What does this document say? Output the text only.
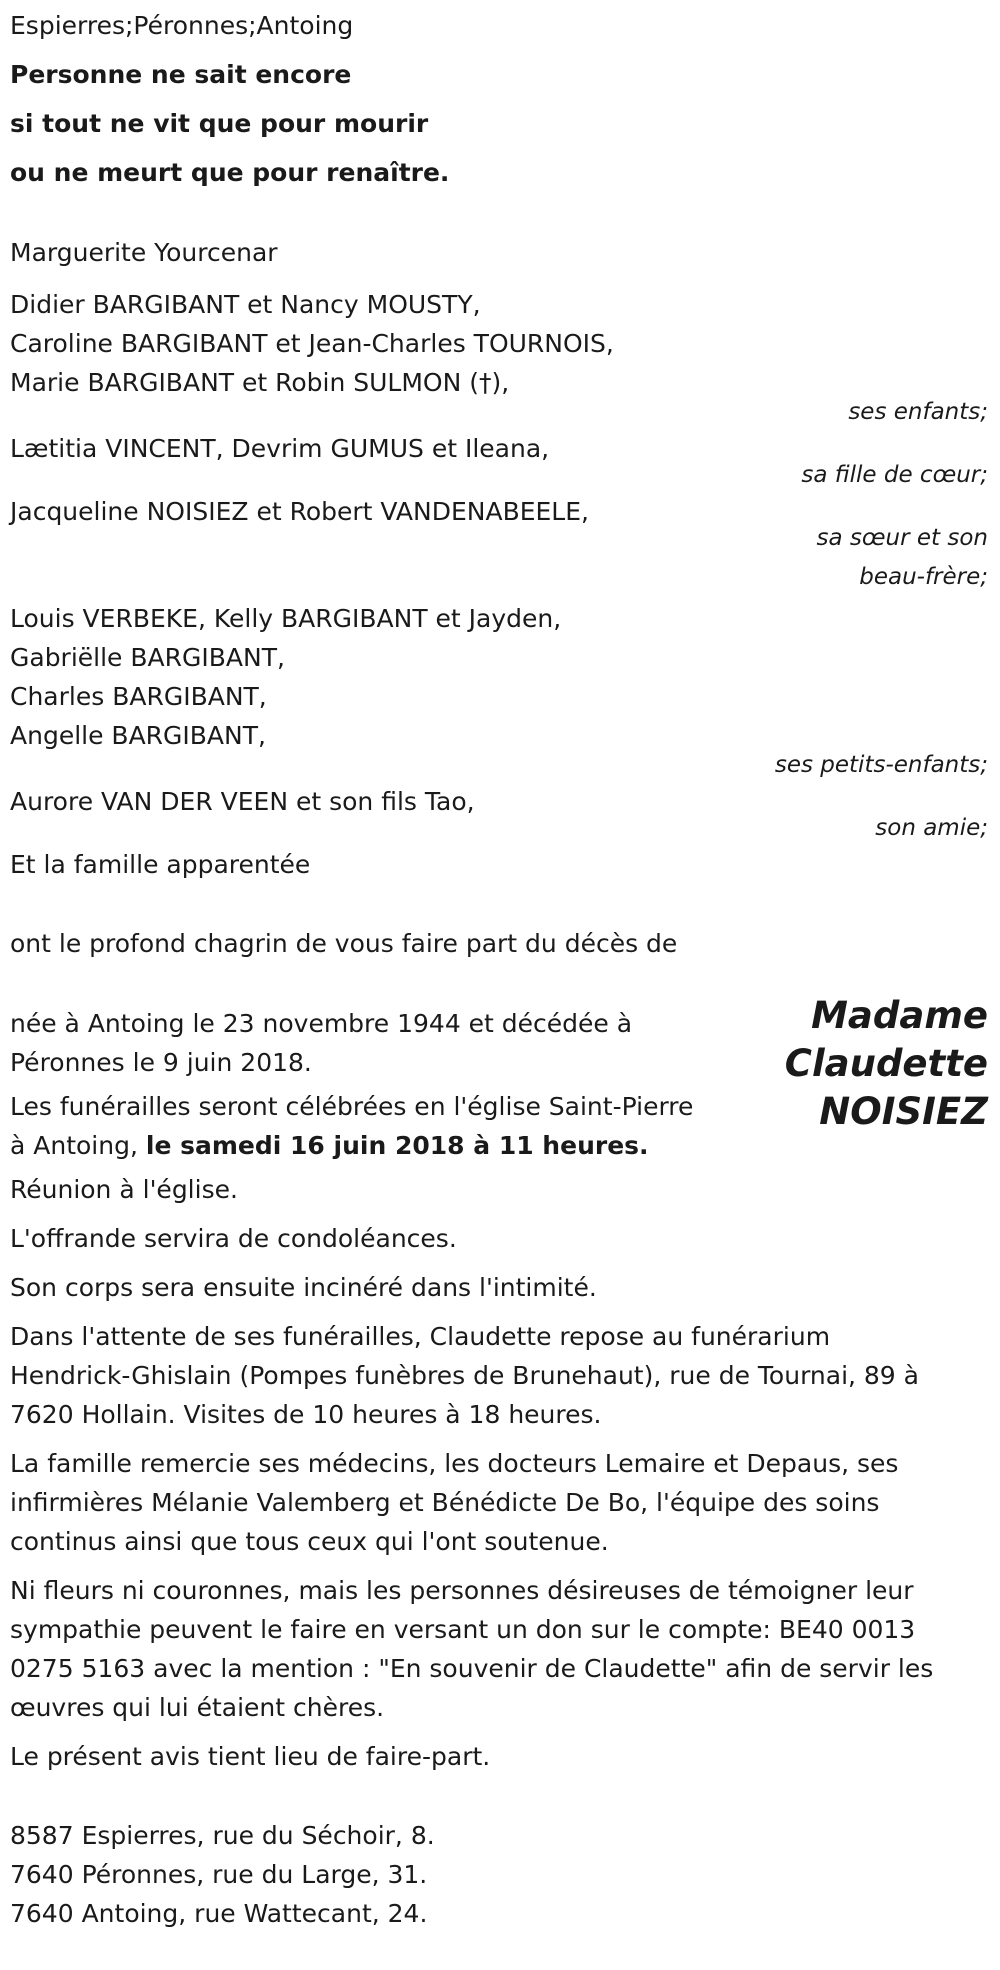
Espierres;Péronnes;Antoing
Personne ne sait encore
si tout ne vit que pour mourir
ou ne meurt que pour renaître.
Marguerite Yourcenar
Didier BARGIBANT et Nancy MOUSTY,
Caroline BARGIBANT et Jean-Charles TOURNOIS,
Marie BARGIBANT et Robin SULMON (†),
ses enfants;
Lætitia VINCENT, Devrim GUMUS et Ileana,
sa fille de cœur;
Jacqueline NOISIEZ et Robert VANDENABEELE,
sa sœur et son
beau-frère;
Louis VERBEKE, Kelly BARGIBANT et Jayden,
Gabriëlle BARGIBANT,
Charles BARGIBANT,
Angelle BARGIBANT,
ses petits-enfants;
Aurore VAN DER VEEN et son fils Tao,
son amie;
Et la famille apparentée
ont le profond chagrin de vous faire part du décès de
Madame
Claudette
NOISIEZ
née à Antoing le 23 novembre 1944 et décédée à
Péronnes le 9 juin 2018.
Les funérailles seront célébrées en l'église Saint-Pierre
à Antoing, le samedi 16 juin 2018 à 11 heures.
Réunion à l'église.
L'offrande servira de condoléances.
Son corps sera ensuite incinéré dans l'intimité.
Dans l'attente de ses funérailles, Claudette repose au funérarium
Hendrick-Ghislain (Pompes funèbres de Brunehaut), rue de Tournai, 89 à
7620 Hollain. Visites de 10 heures à 18 heures.
La famille remercie ses médecins, les docteurs Lemaire et Depaus, ses
infirmières Mélanie Valemberg et Bénédicte De Bo, l'équipe des soins
continus ainsi que tous ceux qui l'ont soutenue.
Ni fleurs ni couronnes, mais les personnes désireuses de témoigner leur
sympathie peuvent le faire en versant un don sur le compte: BE40 0013
0275 5163 avec la mention : "En souvenir de Claudette" afin de servir les
œuvres qui lui étaient chères.
Le présent avis tient lieu de faire-part.
8587 Espierres, rue du Séchoir, 8.
7640 Péronnes, rue du Large, 31.
7640 Antoing, rue Wattecant, 24.
